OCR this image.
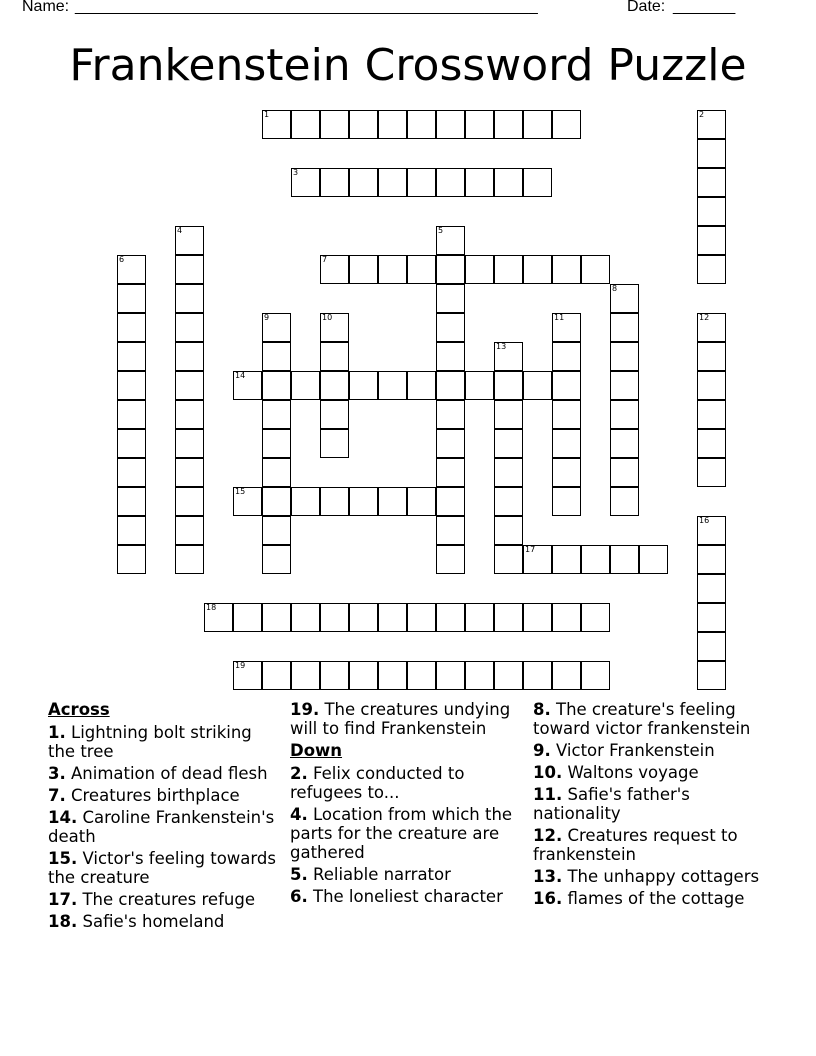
Name: ____________________________________________________	Date: _______
Frankenstein Crossword Puzzle
1	2
3
4	5
6	7
8
9	10	11	12
13
14
15
16
17
18
19
Across
1. Lightning bolt striking the tree
3. Animation of dead flesh
7. Creatures birthplace
14. Caroline Frankenstein's death
15. Victor's feeling towards the creature
17. The creatures refuge
18. Safie's homeland
19. The creatures undying will to find Frankenstein
Down
2. Felix conducted to refugees to...
4. Location from which the parts for the creature are gathered
5. Reliable narrator
6. The loneliest character
8. The creature's feeling toward victor frankenstein
9. Victor Frankenstein
10. Waltons voyage
11. Safie's father's nationality
12. Creatures request to frankenstein
13. The unhappy cottagers
16. flames of the cottage
